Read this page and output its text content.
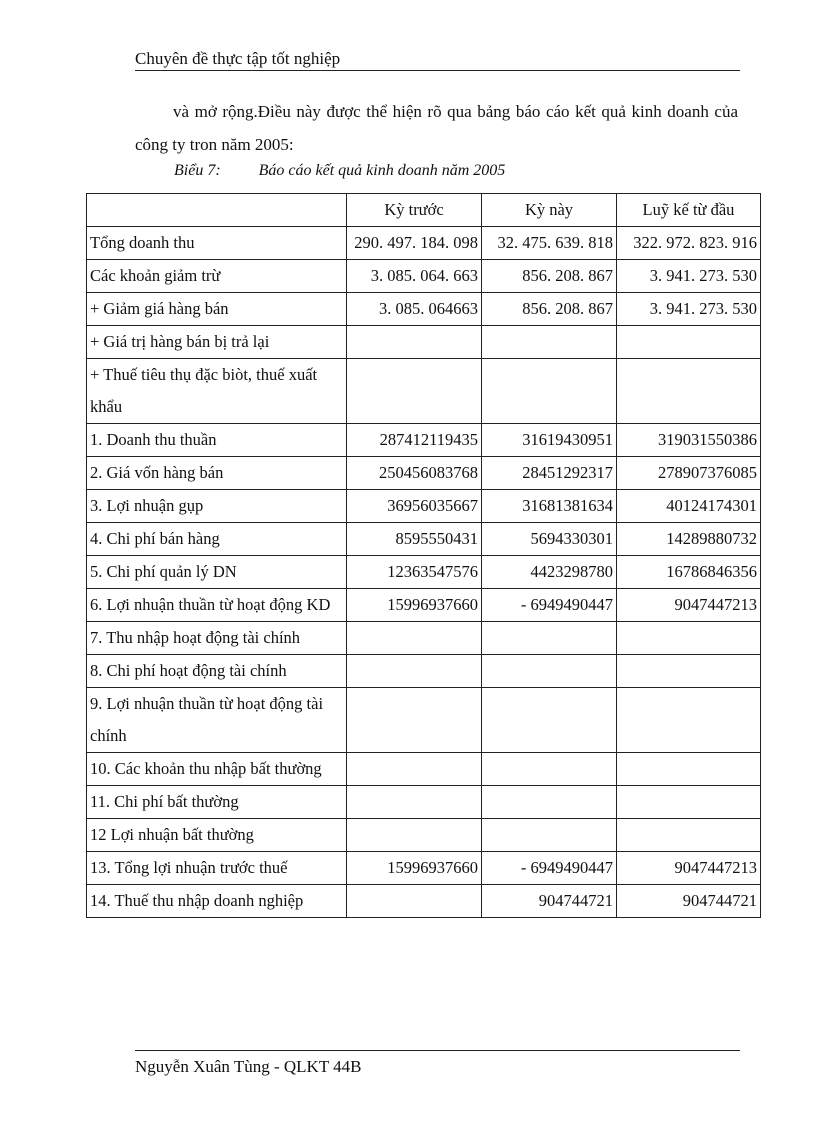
Chuyên đề thực tập tốt nghiệp
và mở rộng.Điều này được thể hiện rõ qua bảng báo cáo kết quả kinh doanh của công ty tron năm 2005:
Biểu 7: Báo cáo kết quả kinh doanh năm 2005
	Kỳ trước	Kỳ này	Luỹ kế từ đầu
Tổng doanh thu	290. 497. 184. 098	32. 475. 639. 818	322. 972. 823. 916
Các khoản giảm trừ	3. 085. 064. 663	856. 208. 867	3. 941. 273. 530
+ Giảm giá hàng bán	3. 085. 064663	856. 208. 867	3. 941. 273. 530
+ Giá trị hàng bán bị trả lại			
+ Thuế tiêu thụ đặc biòt, thuế xuất khẩu			
1. Doanh thu thuần	287412119435	31619430951	319031550386
2. Giá vốn hàng bán	250456083768	28451292317	278907376085
3. Lợi nhuận gụp	36956035667	31681381634	40124174301
4. Chi phí bán hàng	8595550431	5694330301	14289880732
5. Chi phí quản lý DN	12363547576	4423298780	16786846356
6. Lợi nhuận thuần từ hoạt động KD	15996937660	- 6949490447	9047447213
7. Thu nhập hoạt động tài chính			
8. Chi phí hoạt động tài chính			
9. Lợi nhuận thuần từ hoạt động tài chính			
10. Các khoản thu nhập bất thường			
11. Chi phí bất thường			
12 Lợi nhuận bất thường			
13. Tổng lợi nhuận trước thuế	15996937660	- 6949490447	9047447213
14. Thuế thu nhập doanh nghiệp		904744721	904744721
Nguyễn Xuân Tùng - QLKT 44B
